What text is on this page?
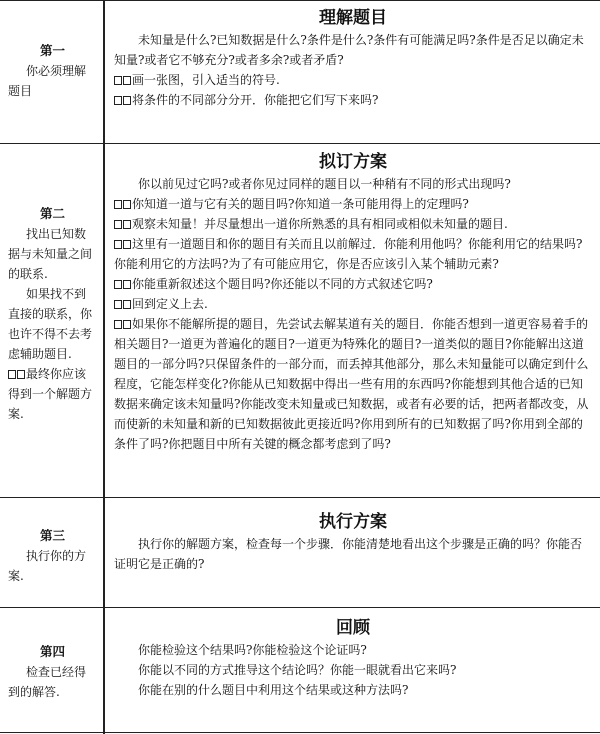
第一
你必须理解题目
理解题目
未知量是什么?已知数据是什么?条件是什么?条件有可能满足吗?条件是否足以确定未知量?或者它不够充分?或者多余?或者矛盾?
画一张图，引入适当的符号.
将条件的不同部分分开．你能把它们写下来吗?
第二
找出已知数据与未知量之间的联系.
如果找不到直接的联系，你也许不得不去考虑辅助题目.
最终你应该得到一个解题方案.
拟订方案
你以前见过它吗?或者你见过同样的题目以一种稍有不同的形式出现吗?
你知道一道与它有关的题目吗?你知道一条可能用得上的定理吗?
观察未知量！并尽量想出一道你所熟悉的具有相同或相似未知量的题目.
这里有一道题目和你的题目有关而且以前解过．你能利用他吗？你能利用它的结果吗?你能利用它的方法吗?为了有可能应用它，你是否应该引入某个辅助元素?
你能重新叙述这个题目吗?你还能以不同的方式叙述它吗?
回到定义上去.
如果你不能解所提的题目，先尝试去解某道有关的题目．你能否想到一道更容易着手的相关题目?一道更为普遍化的题目?一道更为特殊化的题目?一道类似的题目?你能解出这道题目的一部分吗?只保留条件的一部分而，而丢掉其他部分，那么未知量能可以确定到什么程度，它能怎样变化?你能从已知数据中得出一些有用的东西吗?你能想到其他合适的已知数据来确定该未知量吗?你能改变未知量或已知数据，或者有必要的话，把两者都改变，从而使新的未知量和新的已知数据彼此更接近吗?你用到所有的已知数据了吗?你用到全部的条件了吗?你把题目中所有关键的概念都考虑到了吗?
第三
执行你的方案.
执行方案
执行你的解题方案，检查每一个步骤．你能清楚地看出这个步骤是正确的吗？你能否证明它是正确的?
第四
检查已经得到的解答.
回顾
你能检验这个结果吗?你能检验这个论证吗?
你能以不同的方式推导这个结论吗？你能一眼就看出它来吗?
你能在别的什么题目中利用这个结果或这种方法吗?
